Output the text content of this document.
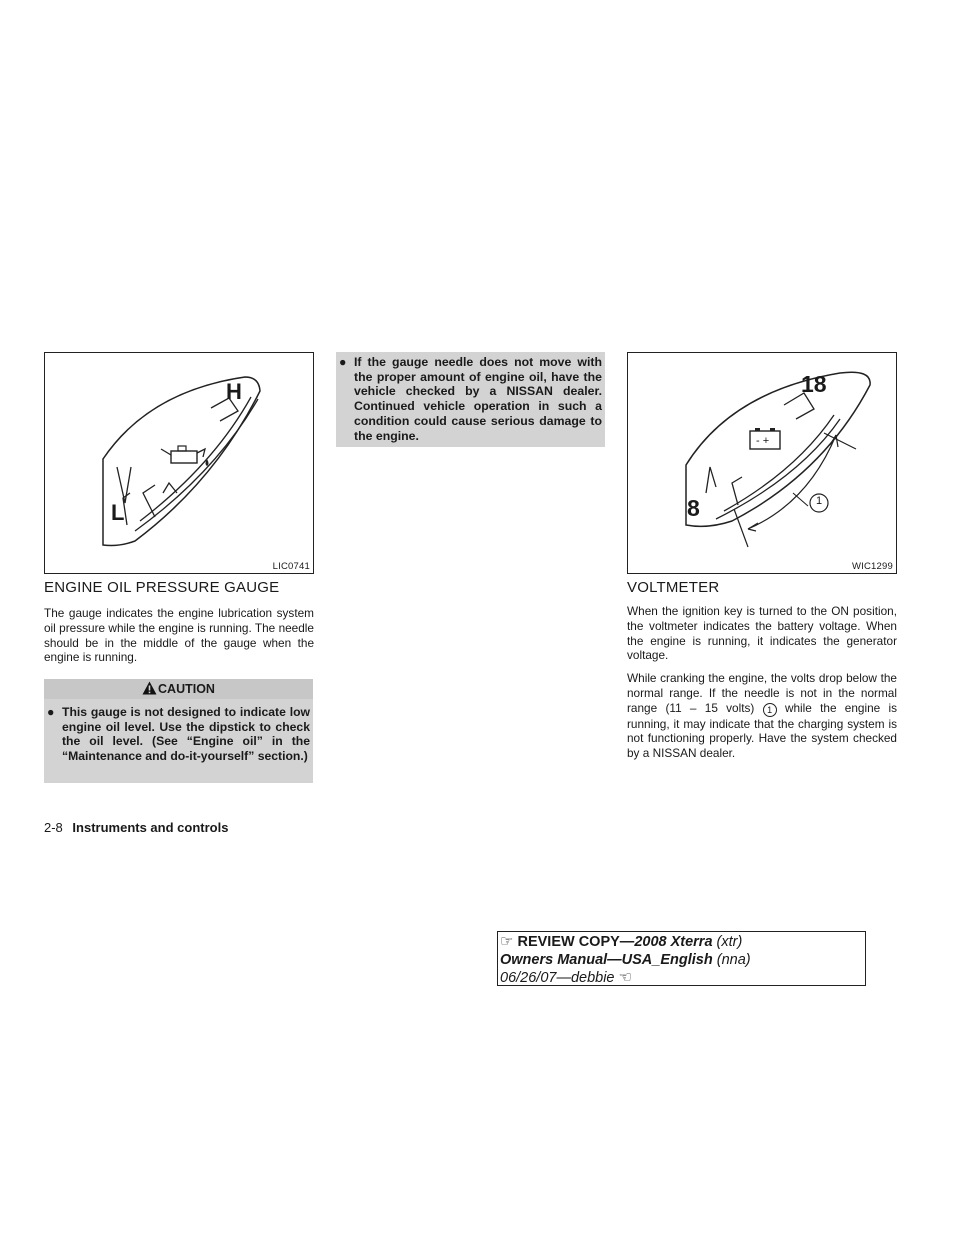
H
L
LIC0741
ENGINE OIL PRESSURE GAUGE
The gauge indicates the engine lubrication system oil pressure while the engine is running. The needle should be in the middle of the gauge when the engine is running.
CAUTION
● This gauge is not designed to indicate low engine oil level. Use the dipstick to check the oil level. (See “Engine oil” in the “Maintenance and do-it-yourself” section.)
● If the gauge needle does not move with the proper amount of engine oil, have the vehicle checked by a NISSAN dealer. Continued vehicle operation in such a condition could cause serious damage to the engine.
18
8
- +
1
WIC1299
VOLTMETER
When the ignition key is turned to the ON position, the voltmeter indicates the battery voltage. When the engine is running, it indicates the generator voltage.
While cranking the engine, the volts drop below the normal range. If the needle is not in the normal range (11 – 15 volts) 1 while the engine is running, it may indicate that the charging system is not functioning properly. Have the system checked by a NISSAN dealer.
2-8 Instruments and controls
☞ REVIEW COPY—2008 Xterra (xtr)
Owners Manual—USA_English (nna)
06/26/07—debbie ☜
